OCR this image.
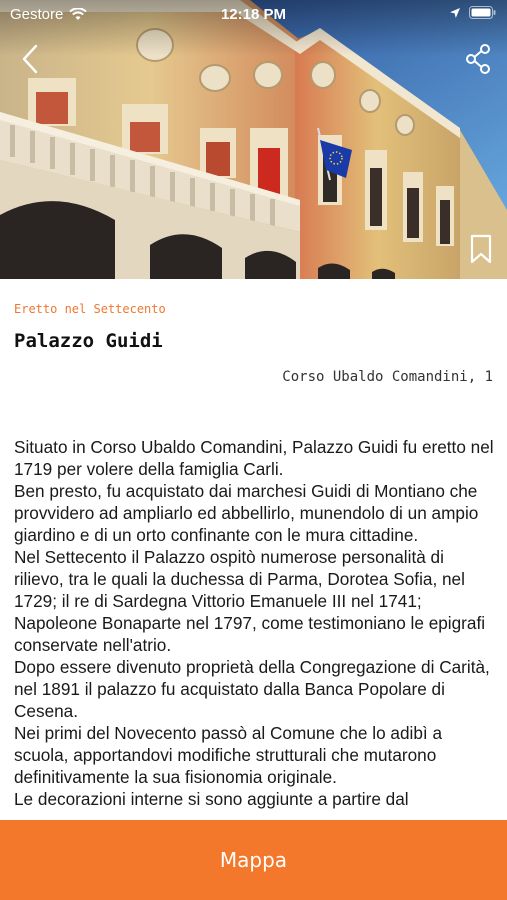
Gestore	12:18 PM
Eretto nel Settecento
Palazzo Guidi
Corso Ubaldo Comandini, 1
Situato in Corso Ubaldo Comandini, Palazzo Guidi fu eretto nel 1719 per volere della famiglia Carli.
Ben presto, fu acquistato dai marchesi Guidi di Montiano che provvidero ad ampliarlo ed abbellirlo, munendolo di un ampio giardino e di un orto confinante con le mura cittadine.
Nel Settecento il Palazzo ospitò numerose personalità di rilievo, tra le quali la duchessa di Parma, Dorotea Sofia, nel 1729; il re di Sardegna Vittorio Emanuele III nel 1741; Napoleone Bonaparte nel 1797, come testimoniano le epigrafi conservate nell'atrio.
Dopo essere divenuto proprietà della Congregazione di Carità, nel 1891 il palazzo fu acquistato dalla Banca Popolare di Cesena.
Nei primi del Novecento passò al Comune che lo adibì a scuola, apportandovi modifiche strutturali che mutarono definitivamente la sua fisionomia originale.
Le decorazioni interne si sono aggiunte a partire dal
Mappa
